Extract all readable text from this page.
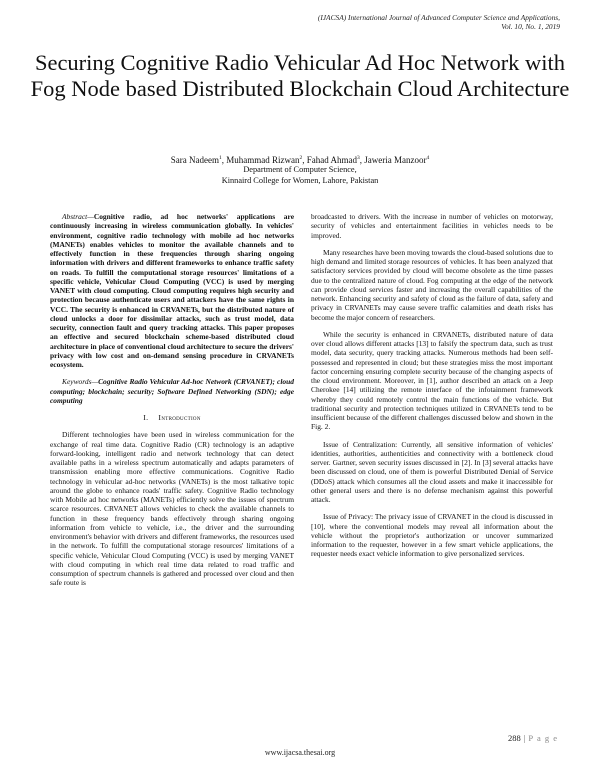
(IJACSA) International Journal of Advanced Computer Science and Applications,
Vol. 10, No. 1, 2019
Securing Cognitive Radio Vehicular Ad Hoc Network with Fog Node based Distributed Blockchain Cloud Architecture
Sara Nadeem$^1$, Muhammad Rizwan$^2$, Fahad Ahmad$^3$, Jaweria Manzoor$^4$
Department of Computer Science,
Kinnaird College for Women, Lahore, Pakistan

Abstract—Cognitive radio, ad hoc networks' applications are continuously increasing in wireless communication globally. In vehicles' environment, cognitive radio technology with mobile ad hoc networks (MANETs) enables vehicles to monitor the available channels and to effectively function in these frequencies through sharing ongoing information with drivers and different frameworks to enhance traffic safety on roads. To fulfill the computational storage resources' limitations of a specific vehicle, Vehicular Cloud Computing (VCC) is used by merging VANET with cloud computing. Cloud computing requires high security and protection because authenticate users and attackers have the same rights in VCC. The security is enhanced in CRVANETs, but the distributed nature of cloud unlocks a door for dissimilar attacks, such as trust model, data security, connection fault and query tracking attacks. This paper proposes an effective and secured blockchain scheme-based distributed cloud architecture in place of conventional cloud architecture to secure the drivers' privacy with low cost and on-demand sensing procedure in CRVANETs ecosystem.

Keywords—Cognitive Radio Vehicular Ad-hoc Network (CRVANET); cloud computing; blockchain; security; Software Defined Networking (SDN); edge computing

I. Introduction

Different technologies have been used in wireless communication for the exchange of real time data. Cognitive Radio (CR) technology is an adaptive forward-looking, intelligent radio and network technology that can detect available paths in a wireless spectrum automatically and adapts parameters of transmission enabling more effective communications. Cognitive Radio technology in vehicular ad-hoc networks (VANETs) is the most talkative topic around the globe to enhance roads' traffic safety. Cognitive Radio technology with Mobile ad hoc networks (MANETs) efficiently solve the issues of spectrum scarce resources. CRVANET allows vehicles to check the available channels to function in these frequency bands effectively through sharing ongoing information from vehicle to vehicle, i.e., the driver and the surrounding environment's behavior with drivers and different frameworks, the resources used in the network. To fulfill the computational storage resources' limitations of a specific vehicle, Vehicular Cloud Computing (VCC) is used by merging VANET with cloud computing in which real time data related to road traffic and consumption of spectrum channels is gathered and processed over cloud and then safe route is

broadcasted to drivers. With the increase in number of vehicles on motorway, security of vehicles and entertainment facilities in vehicles needs to be improved.

Many researches have been moving towards the cloud-based solutions due to high demand and limited storage resources of vehicles. It has been analyzed that satisfactory services provided by cloud will become obsolete as the time passes due to the centralized nature of cloud. Fog computing at the edge of the network can provide cloud services faster and increasing the overall capabilities of the network. Enhancing security and safety of cloud as the failure of data, safety and privacy in CRVANETs may cause severe traffic calamities and death risks has become the major concern of researchers.

While the security is enhanced in CRVANETs, distributed nature of data over cloud allows different attacks [13] to falsify the spectrum data, such as trust model, data security, query tracking attacks. Numerous methods had been self-possessed and represented in cloud; but these strategies miss the most important factor concerning ensuring complete security because of the changing aspects of the cloud environment. Moreover, in [1], author described an attack on a Jeep Cherokee [14] utilizing the remote interface of the infotainment framework whereby they could remotely control the main functions of the vehicle. But traditional security and protection techniques utilized in CRVANETs tend to be insufficient because of the different challenges discussed below and shown in the Fig. 2.

Issue of Centralization: Currently, all sensitive information of vehicles' identities, authorities, authenticities and connectivity with a bottleneck cloud server. Gartner, seven security issues discussed in [2]. In [3] several attacks have been discussed on cloud, one of them is powerful Distributed Denial of Service (DDoS) attack which consumes all the cloud assets and make it inaccessible for other general users and there is no defense mechanism against this powerful attack.

Issue of Privacy: The privacy issue of CRVANET in the cloud is discussed in [10], where the conventional models may reveal all information about the vehicle without the proprietor's authorization or uncover summarized information to the requester, however in a few smart vehicle applications, the requester needs exact vehicle information to give personalized services.

288 | P a g e
www.ijacsa.thesai.org
